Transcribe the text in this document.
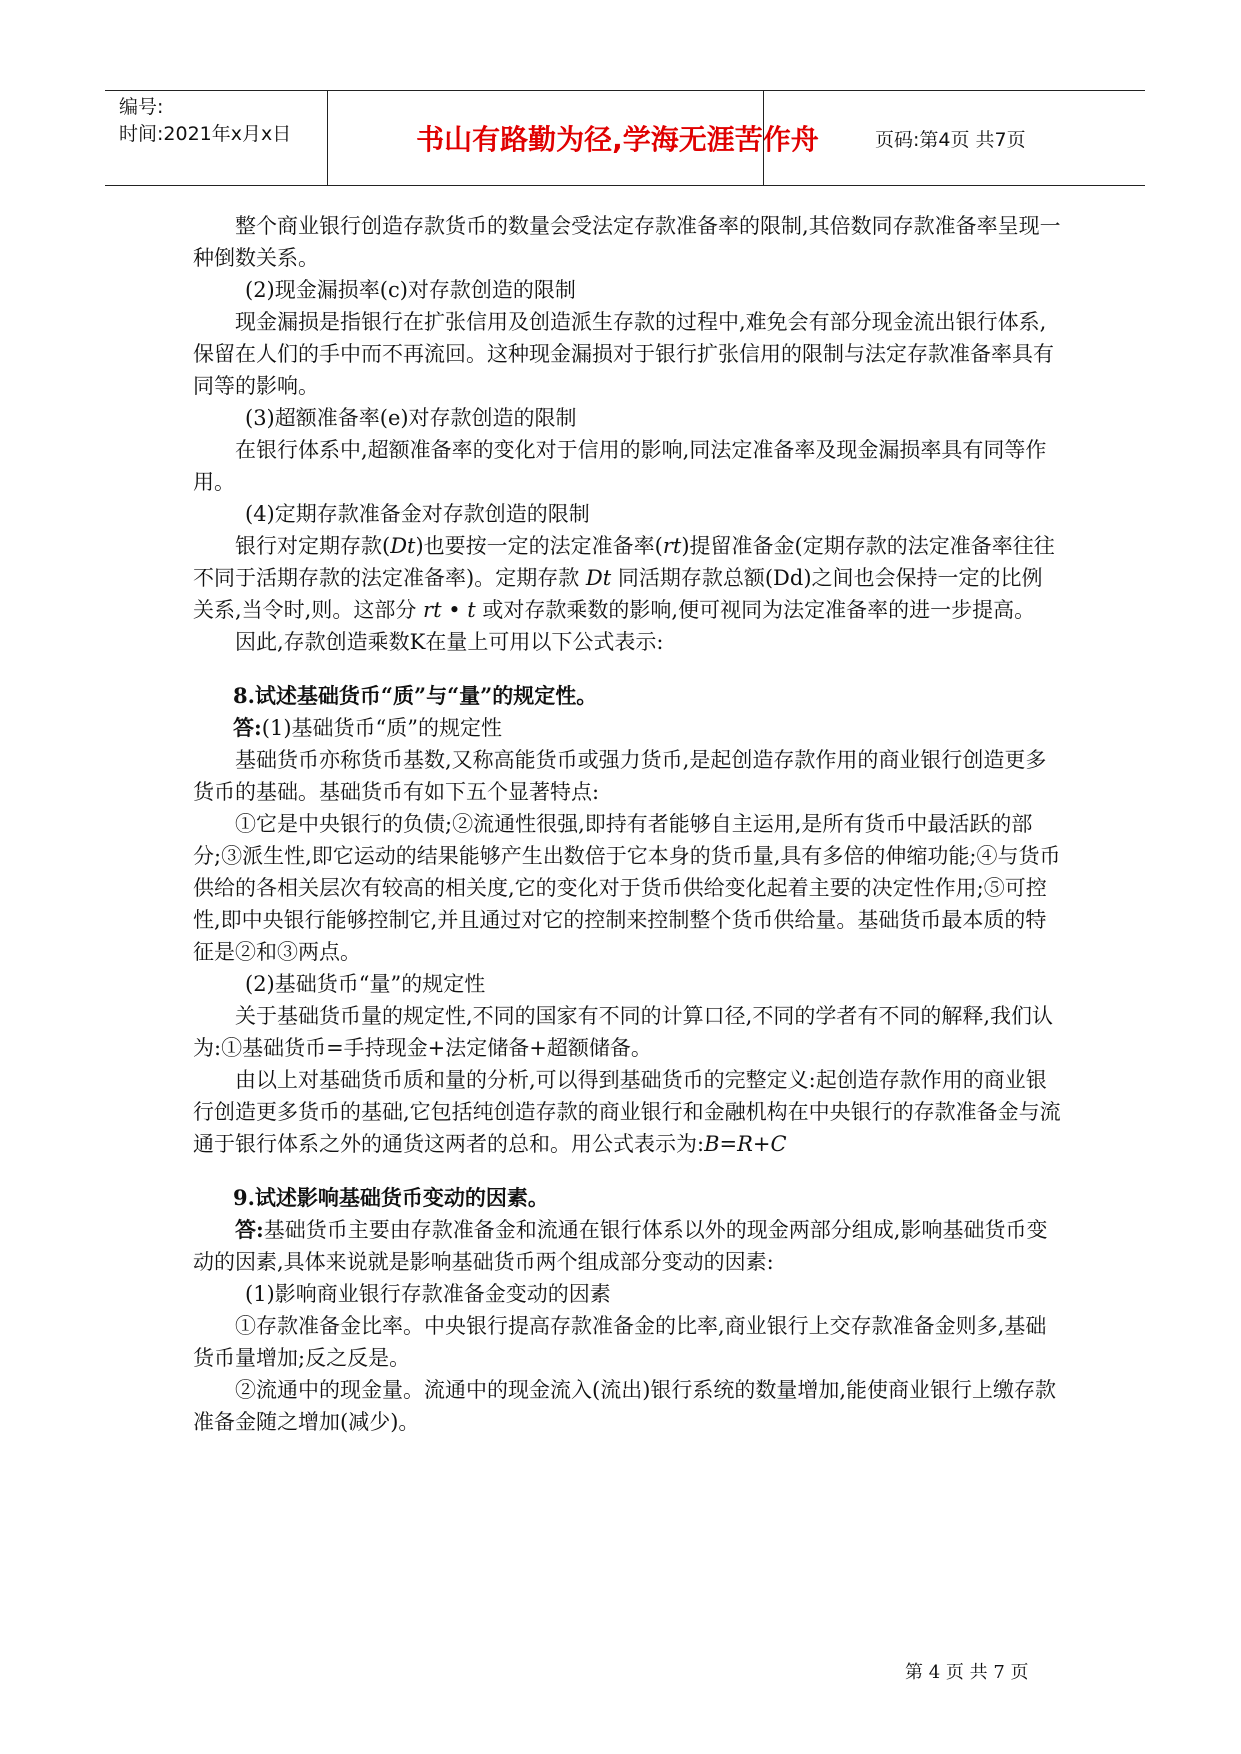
编号:
时间:2021年x月x日	书山有路勤为径,学海无涯苦作舟	页码:第4页 共7页

整个商业银行创造存款货币的数量会受法定存款准备率的限制,其倍数同存款准备率呈现一种倒数关系。

(2)现金漏损率(c)对存款创造的限制

现金漏损是指银行在扩张信用及创造派生存款的过程中,难免会有部分现金流出银行体系,保留在人们的手中而不再流回。这种现金漏损对于银行扩张信用的限制与法定存款准备率具有同等的影响。

(3)超额准备率(e)对存款创造的限制

在银行体系中,超额准备率的变化对于信用的影响,同法定准备率及现金漏损率具有同等作用。

(4)定期存款准备金对存款创造的限制

银行对定期存款(Dt)也要按一定的法定准备率(rt)提留准备金(定期存款的法定准备率往往不同于活期存款的法定准备率)。定期存款 Dt 同活期存款总额(Dd)之间也会保持一定的比例关系,当令时,则。这部分 rt • t 或对存款乘数的影响,便可视同为法定准备率的进一步提高。

因此,存款创造乘数K在量上可用以下公式表示:

8.试述基础货币“质”与“量”的规定性。

答:(1)基础货币“质”的规定性

基础货币亦称货币基数,又称高能货币或强力货币,是起创造存款作用的商业银行创造更多货币的基础。基础货币有如下五个显著特点:

①它是中央银行的负债;②流通性很强,即持有者能够自主运用,是所有货币中最活跃的部分;③派生性,即它运动的结果能够产生出数倍于它本身的货币量,具有多倍的伸缩功能;④与货币供给的各相关层次有较高的相关度,它的变化对于货币供给变化起着主要的决定性作用;⑤可控性,即中央银行能够控制它,并且通过对它的控制来控制整个货币供给量。基础货币最本质的特征是②和③两点。

(2)基础货币“量”的规定性

关于基础货币量的规定性,不同的国家有不同的计算口径,不同的学者有不同的解释,我们认为:①基础货币=手持现金+法定储备+超额储备。

由以上对基础货币质和量的分析,可以得到基础货币的完整定义:起创造存款作用的商业银行创造更多货币的基础,它包括纯创造存款的商业银行和金融机构在中央银行的存款准备金与流通于银行体系之外的通货这两者的总和。用公式表示为:B=R+C

9.试述影响基础货币变动的因素。

答:基础货币主要由存款准备金和流通在银行体系以外的现金两部分组成,影响基础货币变动的因素,具体来说就是影响基础货币两个组成部分变动的因素:

(1)影响商业银行存款准备金变动的因素

①存款准备金比率。中央银行提高存款准备金的比率,商业银行上交存款准备金则多,基础货币量增加;反之反是。

②流通中的现金量。流通中的现金流入(流出)银行系统的数量增加,能使商业银行上缴存款准备金随之增加(减少)。

第 4 页 共 7 页
